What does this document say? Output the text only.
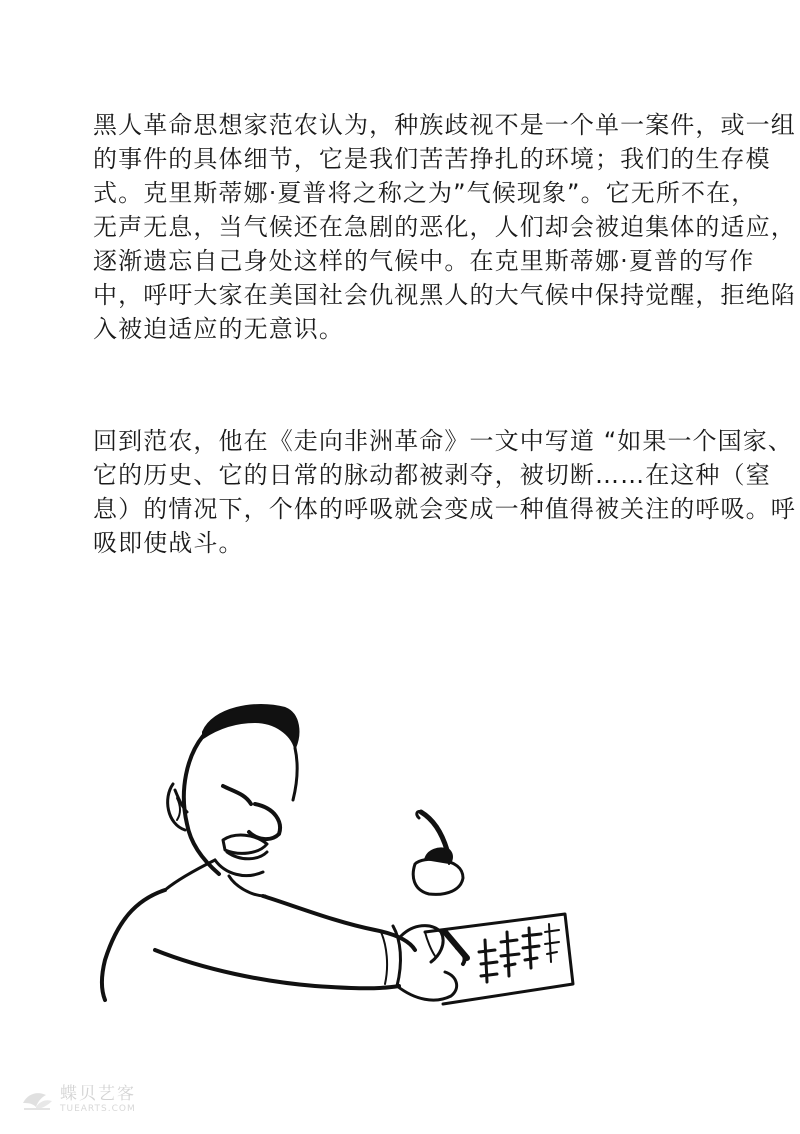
黑人革命思想家范农认为，种族歧视不是一个单一案件，或一组
的事件的具体细节，它是我们苦苦挣扎的环境；我们的生存模
式。克里斯蒂娜·夏普将之称之为”气候现象”。它无所不在，
无声无息，当气候还在急剧的恶化，人们却会被迫集体的适应，
逐渐遗忘自己身处这样的气候中。在克里斯蒂娜·夏普的写作
中，呼吁大家在美国社会仇视黑人的大气候中保持觉醒，拒绝陷
入被迫适应的无意识。
回到范农，他在《走向非洲革命》一文中写道 “如果一个国家、
它的历史、它的日常的脉动都被剥夺，被切断……在这种（窒
息）的情况下，个体的呼吸就会变成一种值得被关注的呼吸。呼
吸即使战斗。
行走在牛下
蝶贝艺客
TUEARTS.COM
